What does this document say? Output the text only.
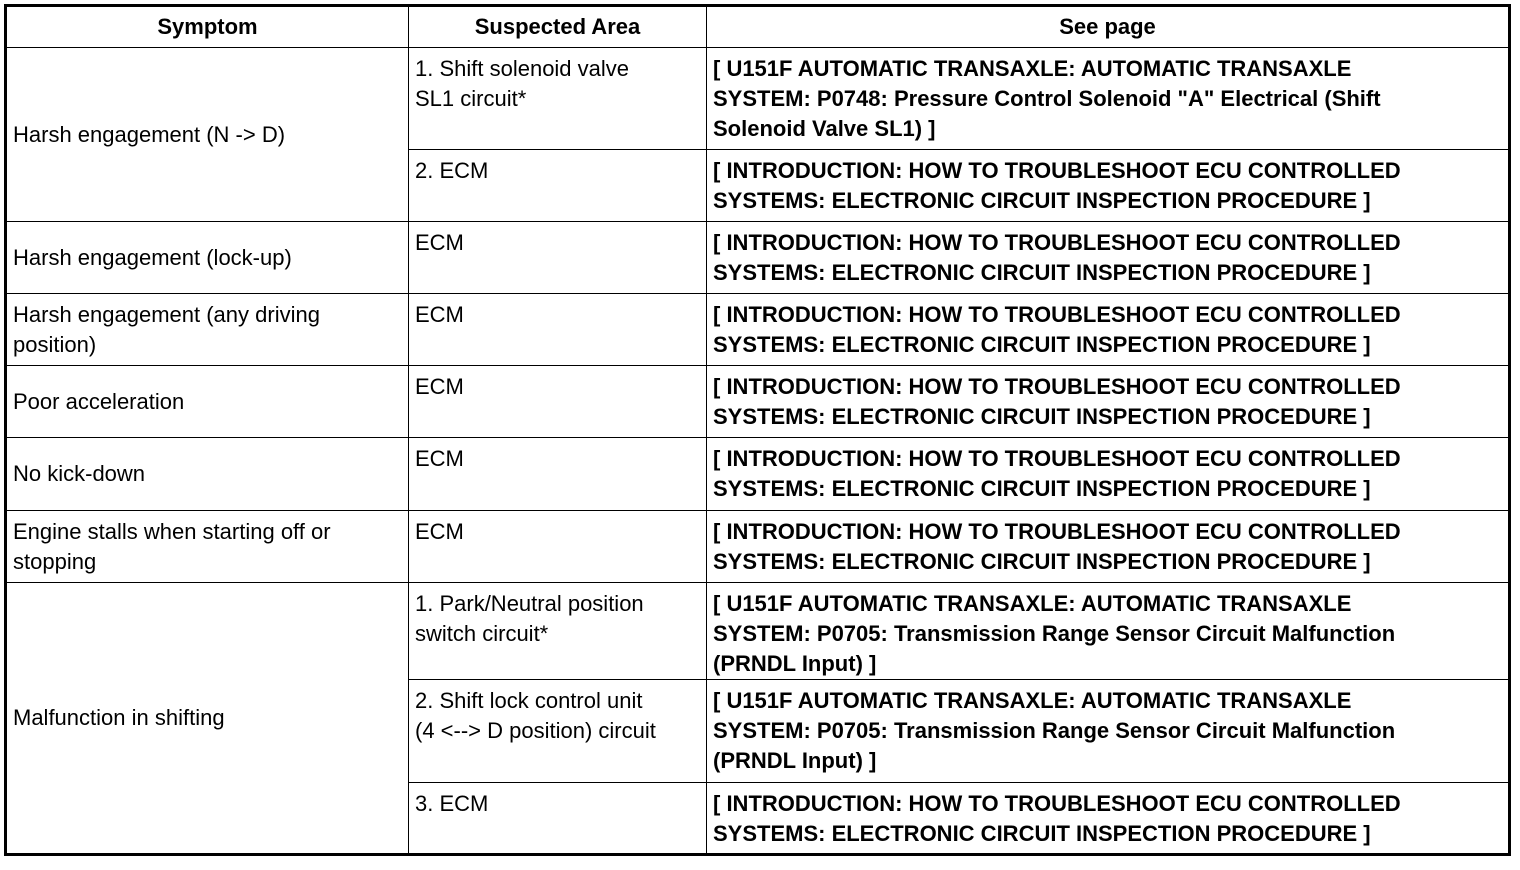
Symptom	Suspected Area	See page
Harsh engagement (N -> D)	1. Shift solenoid valve
SL1 circuit*	[ U151F AUTOMATIC TRANSAXLE: AUTOMATIC TRANSAXLE
SYSTEM: P0748: Pressure Control Solenoid "A" Electrical (Shift
Solenoid Valve SL1) ]
	2. ECM	[ INTRODUCTION: HOW TO TROUBLESHOOT ECU CONTROLLED
SYSTEMS: ELECTRONIC CIRCUIT INSPECTION PROCEDURE ]
Harsh engagement (lock-up)	ECM	[ INTRODUCTION: HOW TO TROUBLESHOOT ECU CONTROLLED
SYSTEMS: ELECTRONIC CIRCUIT INSPECTION PROCEDURE ]
Harsh engagement (any driving
position)	ECM	[ INTRODUCTION: HOW TO TROUBLESHOOT ECU CONTROLLED
SYSTEMS: ELECTRONIC CIRCUIT INSPECTION PROCEDURE ]
Poor acceleration	ECM	[ INTRODUCTION: HOW TO TROUBLESHOOT ECU CONTROLLED
SYSTEMS: ELECTRONIC CIRCUIT INSPECTION PROCEDURE ]
No kick-down	ECM	[ INTRODUCTION: HOW TO TROUBLESHOOT ECU CONTROLLED
SYSTEMS: ELECTRONIC CIRCUIT INSPECTION PROCEDURE ]
Engine stalls when starting off or
stopping	ECM	[ INTRODUCTION: HOW TO TROUBLESHOOT ECU CONTROLLED
SYSTEMS: ELECTRONIC CIRCUIT INSPECTION PROCEDURE ]
Malfunction in shifting	1. Park/Neutral position
switch circuit*	[ U151F AUTOMATIC TRANSAXLE: AUTOMATIC TRANSAXLE
SYSTEM: P0705: Transmission Range Sensor Circuit Malfunction
(PRNDL Input) ]
	2. Shift lock control unit
(4 <--> D position) circuit	[ U151F AUTOMATIC TRANSAXLE: AUTOMATIC TRANSAXLE
SYSTEM: P0705: Transmission Range Sensor Circuit Malfunction
(PRNDL Input) ]
	3. ECM	[ INTRODUCTION: HOW TO TROUBLESHOOT ECU CONTROLLED
SYSTEMS: ELECTRONIC CIRCUIT INSPECTION PROCEDURE ]
